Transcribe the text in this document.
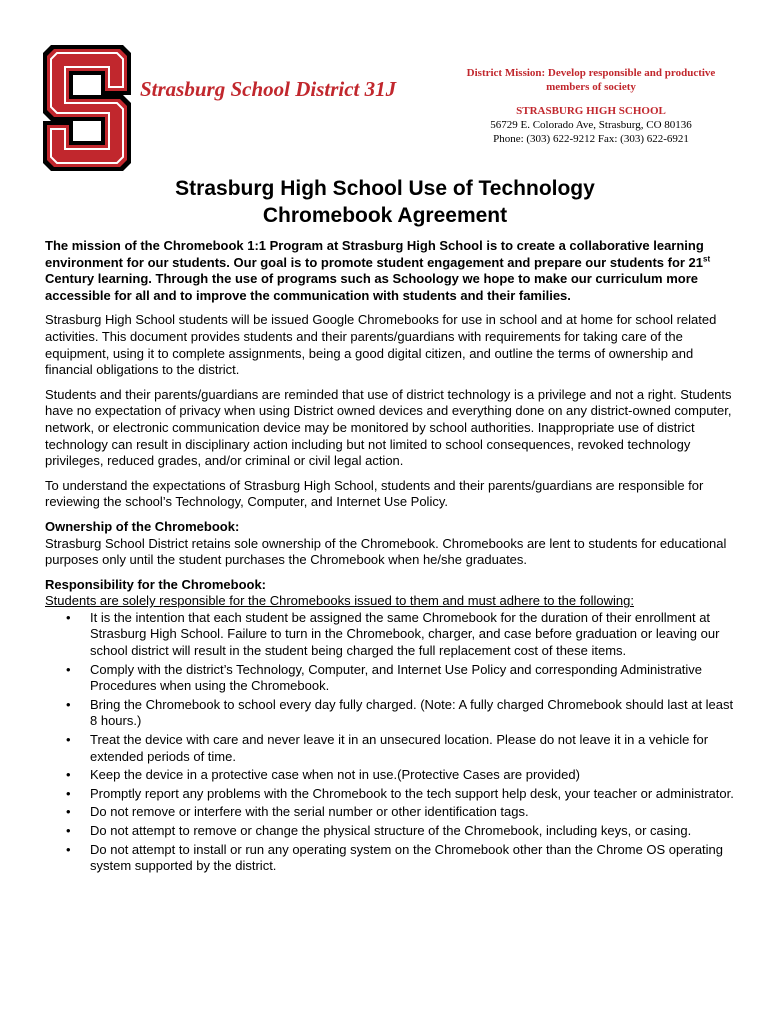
Strasburg School District 31J
District Mission: Develop responsible and productive members of society
STRASBURG HIGH SCHOOL
56729 E. Colorado Ave, Strasburg, CO 80136
Phone: (303) 622-9212 Fax: (303) 622-6921
Strasburg High School Use of Technology
Chromebook Agreement

The mission of the Chromebook 1:1 Program at Strasburg High School is to create a collaborative learning environment for our students. Our goal is to promote student engagement and prepare our students for 21st Century learning. Through the use of programs such as Schoology we hope to make our curriculum more accessible for all and to improve the communication with students and their families.

Strasburg High School students will be issued Google Chromebooks for use in school and at home for school related activities. This document provides students and their parents/guardians with requirements for taking care of the equipment, using it to complete assignments, being a good digital citizen, and outline the terms of ownership and financial obligations to the district.

Students and their parents/guardians are reminded that use of district technology is a privilege and not a right. Students have no expectation of privacy when using District owned devices and everything done on any district-owned computer, network, or electronic communication device may be monitored by school authorities. Inappropriate use of district technology can result in disciplinary action including but not limited to school consequences, revoked technology privileges, reduced grades, and/or criminal or civil legal action.

To understand the expectations of Strasburg High School, students and their parents/guardians are responsible for reviewing the school’s Technology, Computer, and Internet Use Policy.

Ownership of the Chromebook:
Strasburg School District retains sole ownership of the Chromebook. Chromebooks are lent to students for educational purposes only until the student purchases the Chromebook when he/she graduates.
Responsibility for the Chromebook:
Students are solely responsible for the Chromebooks issued to them and must adhere to the following:
• It is the intention that each student be assigned the same Chromebook for the duration of their enrollment at Strasburg High School. Failure to turn in the Chromebook, charger, and case before graduation or leaving our school district will result in the student being charged the full replacement cost of these items.
• Comply with the district’s Technology, Computer, and Internet Use Policy and corresponding Administrative Procedures when using the Chromebook.
• Bring the Chromebook to school every day fully charged. (Note: A fully charged Chromebook should last at least 8 hours.)
• Treat the device with care and never leave it in an unsecured location. Please do not leave it in a vehicle for extended periods of time.
• Keep the device in a protective case when not in use.(Protective Cases are provided)
• Promptly report any problems with the Chromebook to the tech support help desk, your teacher or administrator.
• Do not remove or interfere with the serial number or other identification tags.
• Do not attempt to remove or change the physical structure of the Chromebook, including keys, or casing.
• Do not attempt to install or run any operating system on the Chromebook other than the Chrome OS operating system supported by the district.
